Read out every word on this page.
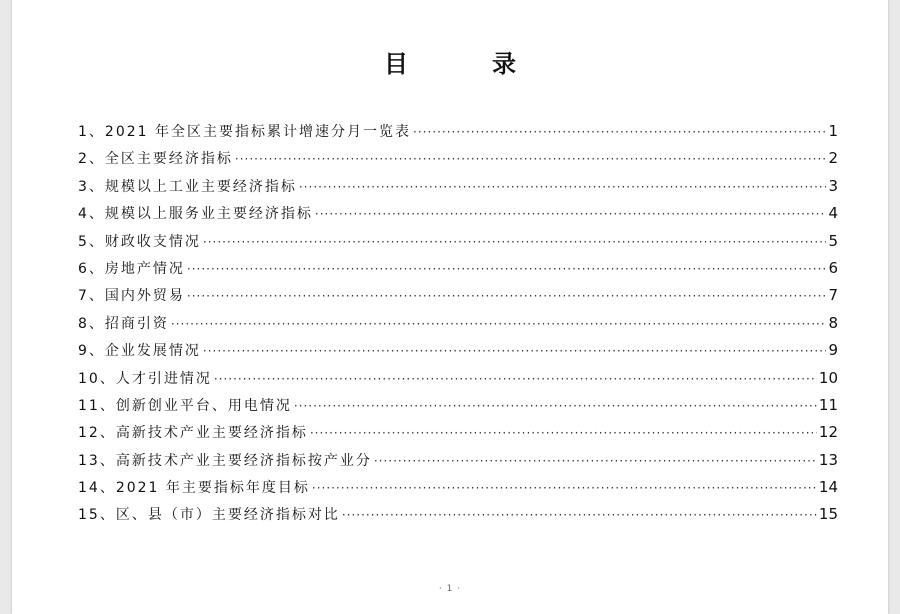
目　录
1、2021 年全区主要指标累计增速分月一览表 ·····	1
2、全区主要经济指标 ·····	2
3、规模以上工业主要经济指标 ·····	3
4、规模以上服务业主要经济指标 ·····	4
5、财政收支情况 ·····	5
6、房地产情况 ·····	6
7、国内外贸易 ·····	7
8、招商引资 ·····	8
9、企业发展情况 ·····	9
10、人才引进情况 ·····	10
11、创新创业平台、用电情况 ·····	11
12、高新技术产业主要经济指标 ·····	12
13、高新技术产业主要经济指标按产业分 ·····	13
14、2021 年主要指标年度目标 ·····	14
15、区、县（市）主要经济指标对比 ·····	15
· 1 ·
